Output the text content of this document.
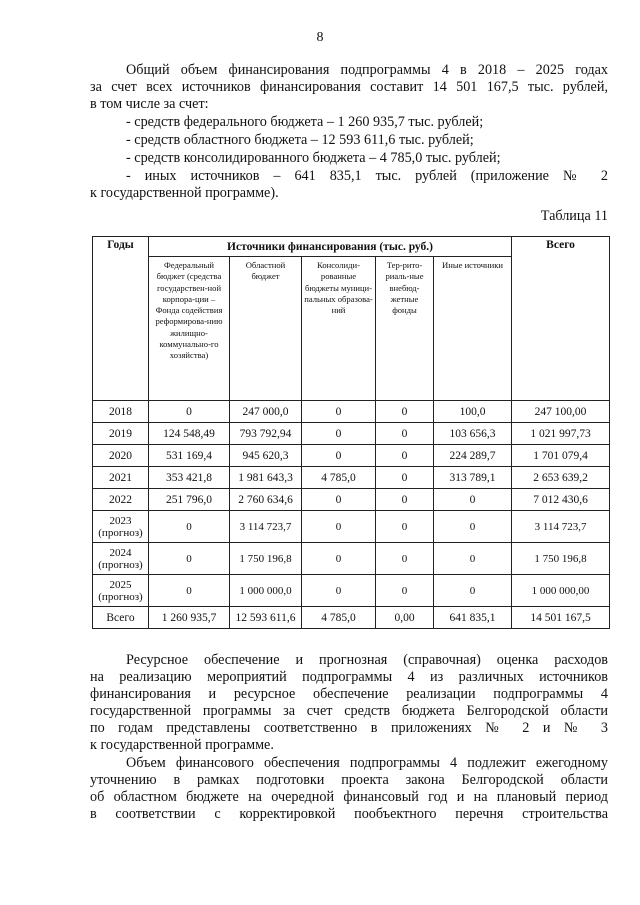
8
Общий объем финансирования подпрограммы 4 в 2018 – 2025 годах
за счет всех источников финансирования составит 14 501 167,5 тыс. рублей,
в том числе за счет:
- средств федерального бюджета – 1 260 935,7 тыс. рублей;
- средств областного бюджета – 12 593 611,6 тыс. рублей;
- средств консолидированного бюджета – 4 785,0 тыс. рублей;
- иных источников – 641 835,1 тыс. рублей (приложение № 2
к государственной программе).
Таблица 11
Годы	Источники финансирования (тыс. руб.)					Всего
	Федеральный бюджет (средства государствен-ной корпора-ции – Фонда содействия реформирова-нию жилищно-коммунально-го хозяйства)	Областной бюджет	Консолиди-рованные бюджеты муници-пальных образова-ний	Тер-рито-риаль-ные внебюд-жетные фонды	Иные источники	
2018	0	247 000,0	0	0	100,0	247 100,00
2019	124 548,49	793 792,94	0	0	103 656,3	1 021 997,73
2020	531 169,4	945 620,3	0	0	224 289,7	1 701 079,4
2021	353 421,8	1 981 643,3	4 785,0	0	313 789,1	2 653 639,2
2022	251 796,0	2 760 634,6	0	0	0	7 012 430,6
2023
(прогноз)	0	3 114 723,7	0	0	0	3 114 723,7
2024
(прогноз)	0	1 750 196,8	0	0	0	1 750 196,8
2025
(прогноз)	0	1 000 000,0	0	0	0	1 000 000,00
Всего	1 260 935,7	12 593 611,6	4 785,0	0,00	641 835,1	14 501 167,5
Ресурсное обеспечение и прогнозная (справочная) оценка расходов
на реализацию мероприятий подпрограммы 4 из различных источников
финансирования и ресурсное обеспечение реализации подпрограммы 4
государственной программы за счет средств бюджета Белгородской области
по годам представлены соответственно в приложениях № 2 и № 3
к государственной программе.
Объем финансового обеспечения подпрограммы 4 подлежит ежегодному
уточнению в рамках подготовки проекта закона Белгородской области
об областном бюджете на очередной финансовый год и на плановый период
в соответствии с корректировкой пообъектного перечня строительства
